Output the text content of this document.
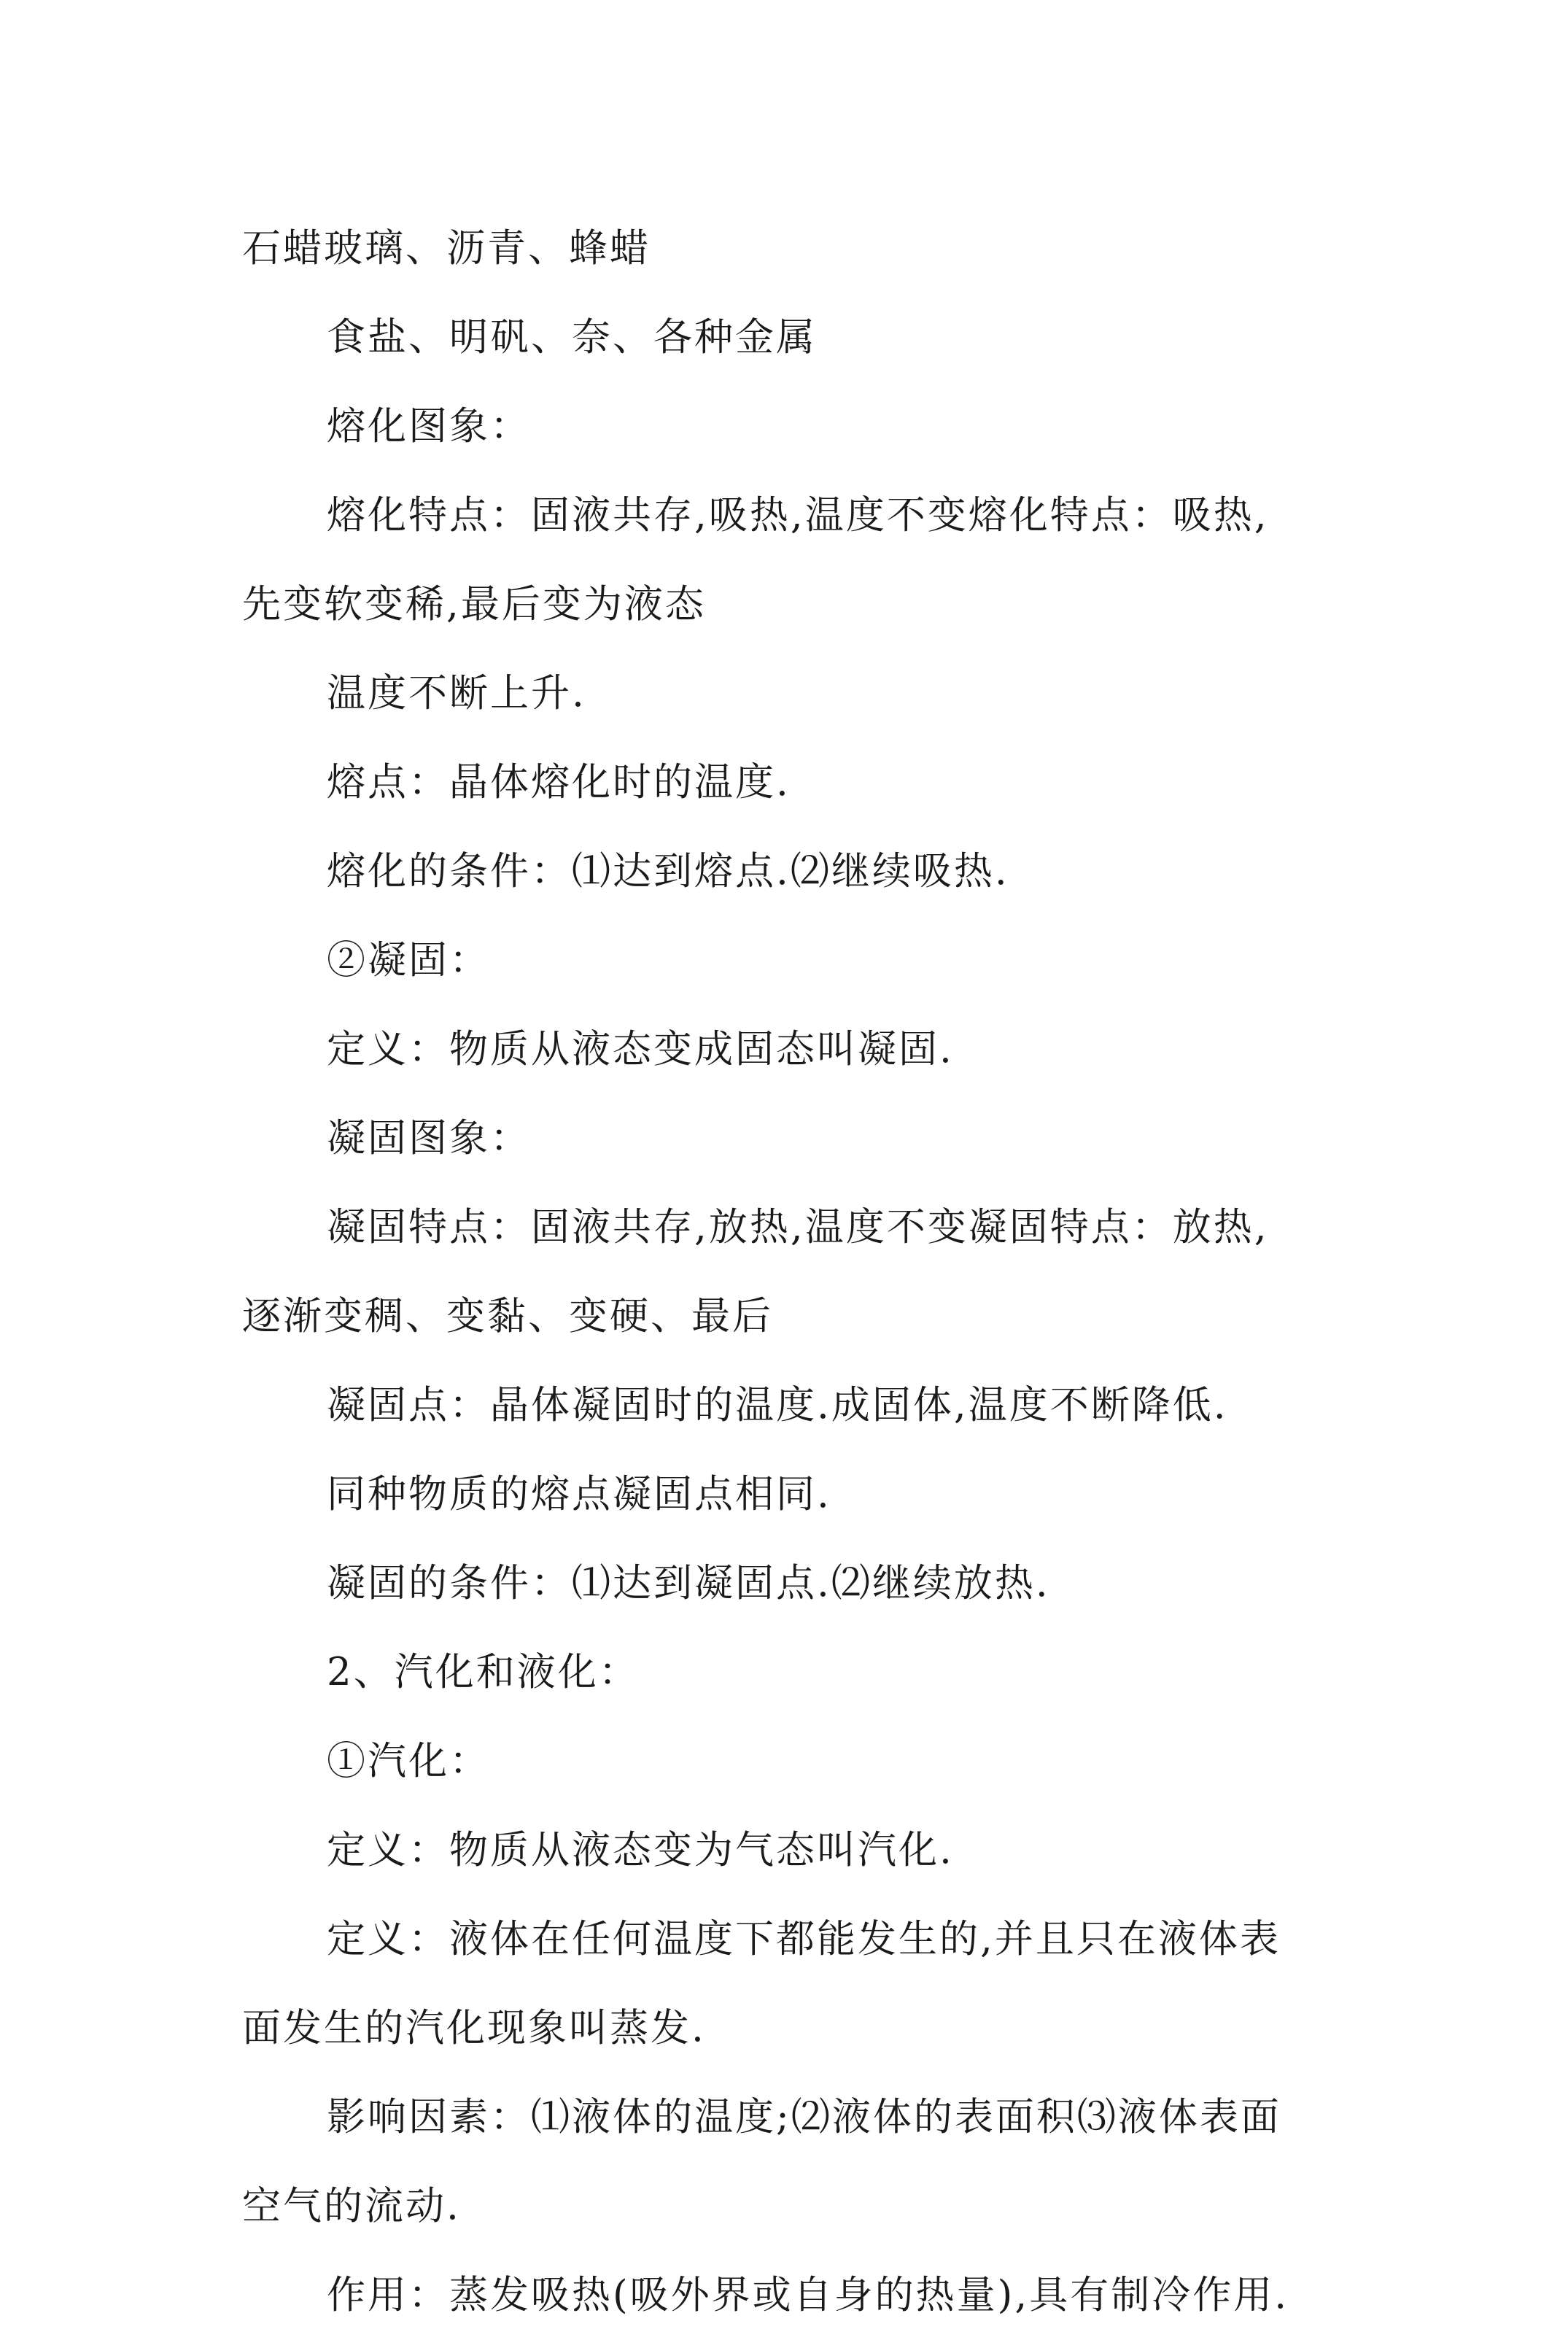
石蜡玻璃、沥青、蜂蜡
食盐、明矾、奈、各种金属
熔化图象：
熔化特点：固液共存,吸热,温度不变熔化特点：吸热,
先变软变稀,最后变为液态
温度不断上升.
熔点：晶体熔化时的温度.
熔化的条件：⑴达到熔点.⑵继续吸热.
②凝固：
定义：物质从液态变成固态叫凝固.
凝固图象：
凝固特点：固液共存,放热,温度不变凝固特点：放热,
逐渐变稠、变黏、变硬、最后
凝固点：晶体凝固时的温度.成固体,温度不断降低.
同种物质的熔点凝固点相同.
凝固的条件：⑴达到凝固点.⑵继续放热.
2、汽化和液化：
①汽化：
定义：物质从液态变为气态叫汽化.
定义：液体在任何温度下都能发生的,并且只在液体表
面发生的汽化现象叫蒸发.
影响因素：⑴液体的温度;⑵液体的表面积⑶液体表面
空气的流动.
作用：蒸发吸热(吸外界或自身的热量),具有制冷作用.
